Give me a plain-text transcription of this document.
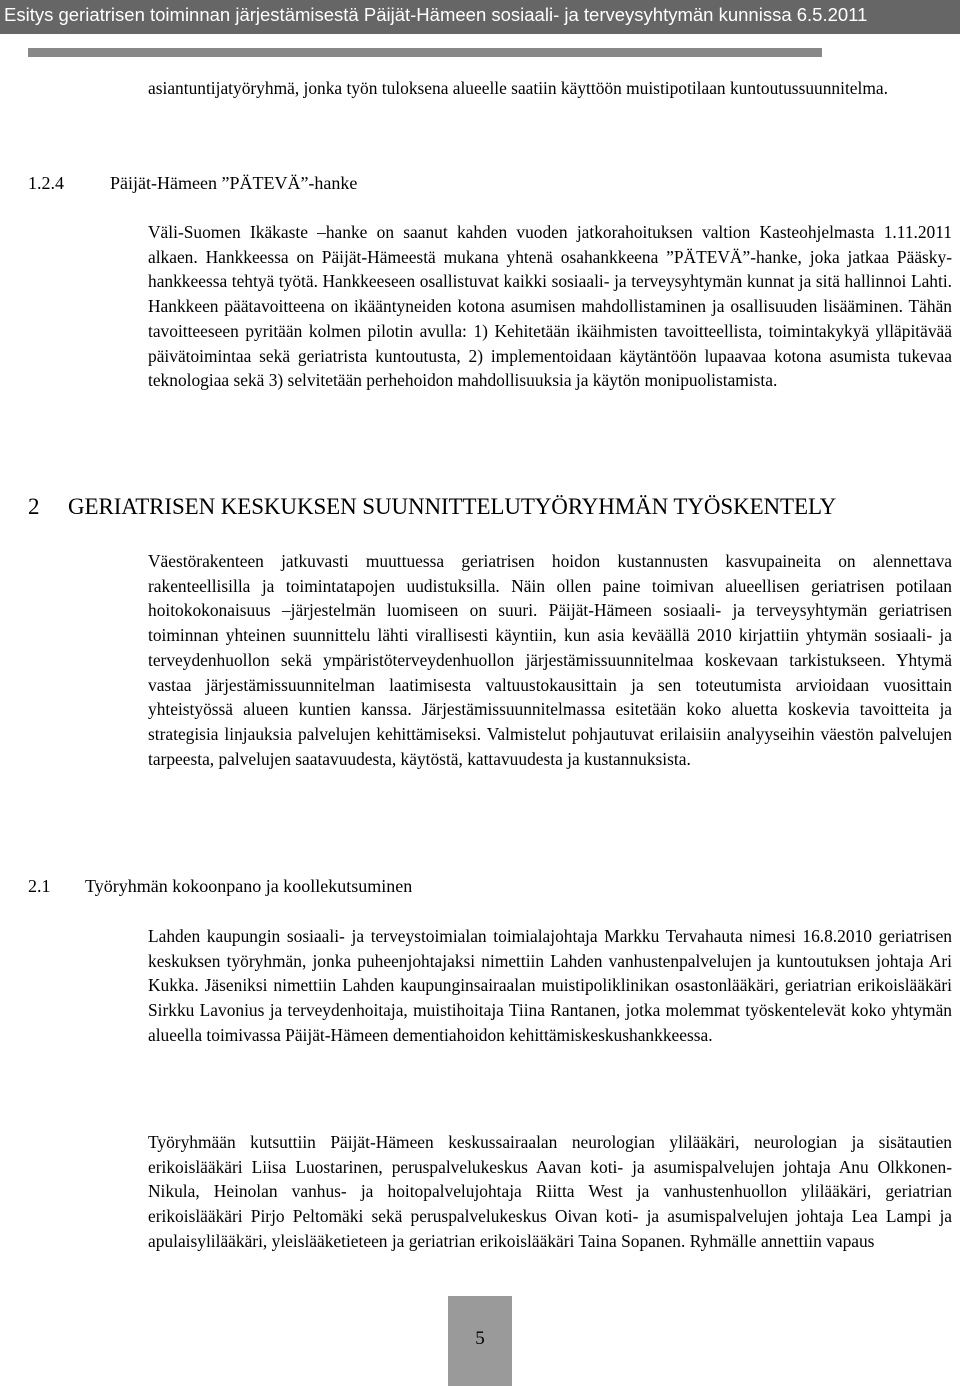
Esitys geriatrisen toiminnan järjestämisestä Päijät-Hämeen sosiaali- ja terveysyhtymän kunnissa 6.5.2011

asiantuntijatyöryhmä, jonka työn tuloksena alueelle saatiin käyttöön muistipotilaan kuntoutussuunnitelma.

1.2.4	Päijät-Hämeen ”PÄTEVÄ”-hanke

Väli-Suomen Ikäkaste –hanke on saanut kahden vuoden jatkorahoituksen valtion Kasteohjelmasta 1.11.2011 alkaen. Hankkeessa on Päijät-Hämeestä mukana yhtenä osahankkeena ”PÄTEVÄ”-hanke, joka jatkaa Pääsky-hankkeessa tehtyä työtä. Hankkeeseen osallistuvat kaikki sosiaali- ja terveysyhtymän kunnat ja sitä hallinnoi Lahti. Hankkeen päätavoitteena on ikääntyneiden kotona asumisen mahdollistaminen ja osallisuuden lisääminen. Tähän tavoitteeseen pyritään kolmen pilotin avulla: 1) Kehitetään ikäihmisten tavoitteellista, toimintakykyä ylläpitävää päivätoimintaa sekä geriatrista kuntoutusta, 2) implementoidaan käytäntöön lupaavaa kotona asumista tukevaa teknologiaa sekä 3) selvitetään perhehoidon mahdollisuuksia ja käytön monipuolistamista.

2 GERIATRISEN KESKUKSEN SUUNNITTELUTYÖRYHMÄN TYÖSKENTELY

Väestörakenteen jatkuvasti muuttuessa geriatrisen hoidon kustannusten kasvupaineita on alennettava rakenteellisilla ja toimintatapojen uudistuksilla. Näin ollen paine toimivan alueellisen geriatrisen potilaan hoitokokonaisuus –järjestelmän luomiseen on suuri. Päijät-Hämeen sosiaali- ja terveysyhtymän geriatrisen toiminnan yhteinen suunnittelu lähti virallisesti käyntiin, kun asia keväällä 2010 kirjattiin yhtymän sosiaali- ja terveydenhuollon sekä ympäristöterveydenhuollon järjestämissuunnitelmaa koskevaan tarkistukseen. Yhtymä vastaa järjestämissuunnitelman laatimisesta valtuustokausittain ja sen toteutumista arvioidaan vuosittain yhteistyössä alueen kuntien kanssa. Järjestämissuunnitelmassa esitetään koko aluetta koskevia tavoitteita ja strategisia linjauksia palvelujen kehittämiseksi. Valmistelut pohjautuvat erilaisiin analyyseihin väestön palvelujen tarpeesta, palvelujen saatavuudesta, käytöstä, kattavuudesta ja kustannuksista.

2.1 Työryhmän kokoonpano ja koollekutsuminen

Lahden kaupungin sosiaali- ja terveystoimialan toimialajohtaja Markku Tervahauta nimesi 16.8.2010 geriatrisen keskuksen työryhmän, jonka puheenjohtajaksi nimettiin Lahden vanhustenpalvelujen ja kuntoutuksen johtaja Ari Kukka. Jäseniksi nimettiin Lahden kaupunginsairaalan muistipoliklinikan osastonlääkäri, geriatrian erikoislääkäri Sirkku Lavonius ja terveydenhoitaja, muistihoitaja Tiina Rantanen, jotka molemmat työskentelevät koko yhtymän alueella toimivassa Päijät-Hämeen dementiahoidon kehittämiskeskushankkeessa.

Työryhmään kutsuttiin Päijät-Hämeen keskussairaalan neurologian ylilääkäri, neurologian ja sisätautien erikoislääkäri Liisa Luostarinen, peruspalvelukeskus Aavan koti- ja asumispalvelujen johtaja Anu Olkkonen-Nikula, Heinolan vanhus- ja hoitopalvelujohtaja Riitta West ja vanhustenhuollon ylilääkäri, geriatrian erikoislääkäri Pirjo Peltomäki sekä peruspalvelukeskus Oivan koti- ja asumispalvelujen johtaja Lea Lampi ja apulaisylilääkäri, yleislääketieteen ja geriatrian erikoislääkäri Taina Sopanen. Ryhmälle annettiin vapaus

5
